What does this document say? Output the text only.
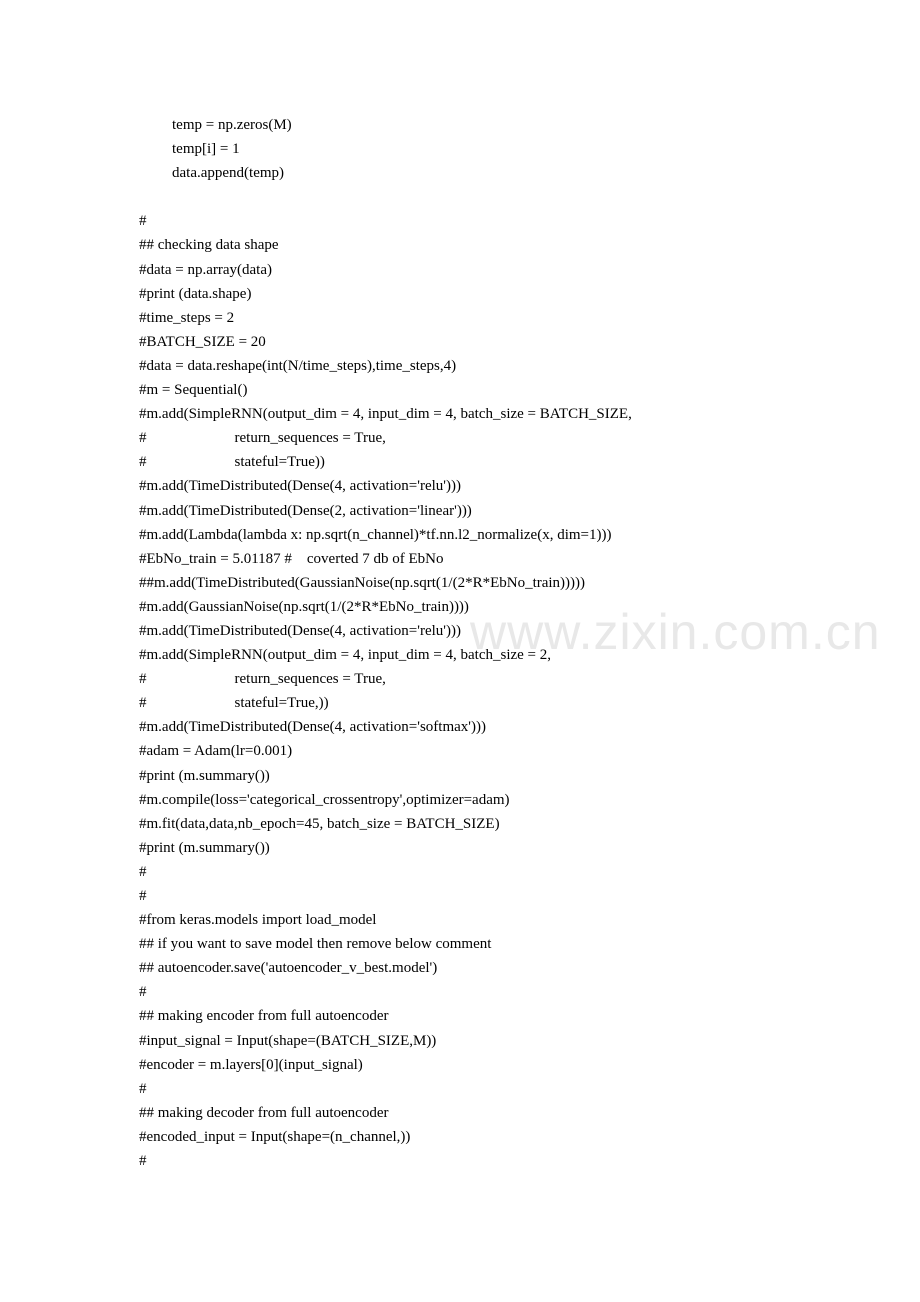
www.zixin.com.cn
temp = np.zeros(M)
temp[i] = 1
data.append(temp)
#
## checking data shape
#data = np.array(data)
#print (data.shape)
#time_steps = 2
#BATCH_SIZE = 20
#data = data.reshape(int(N/time_steps),time_steps,4)
#m = Sequential()
#m.add(SimpleRNN(output_dim = 4, input_dim = 4, batch_size = BATCH_SIZE,
#	return_sequences = True,
#	stateful=True))
#m.add(TimeDistributed(Dense(4, activation='relu')))
#m.add(TimeDistributed(Dense(2, activation='linear')))
#m.add(Lambda(lambda x: np.sqrt(n_channel)*tf.nn.l2_normalize(x, dim=1)))
#EbNo_train = 5.01187 #    coverted 7 db of EbNo
##m.add(TimeDistributed(GaussianNoise(np.sqrt(1/(2*R*EbNo_train)))))
#m.add(GaussianNoise(np.sqrt(1/(2*R*EbNo_train))))
#m.add(TimeDistributed(Dense(4, activation='relu')))
#m.add(SimpleRNN(output_dim = 4, input_dim = 4, batch_size = 2,
#	return_sequences = True,
#	stateful=True,))
#m.add(TimeDistributed(Dense(4, activation='softmax')))
#adam = Adam(lr=0.001)
#print (m.summary())
#m.compile(loss='categorical_crossentropy',optimizer=adam)
#m.fit(data,data,nb_epoch=45, batch_size = BATCH_SIZE)
#print (m.summary())
#
#
#from keras.models import load_model
## if you want to save model then remove below comment
## autoencoder.save('autoencoder_v_best.model')
#
## making encoder from full autoencoder
#input_signal = Input(shape=(BATCH_SIZE,M))
#encoder = m.layers[0](input_signal)
#
## making decoder from full autoencoder
#encoded_input = Input(shape=(n_channel,))
#
